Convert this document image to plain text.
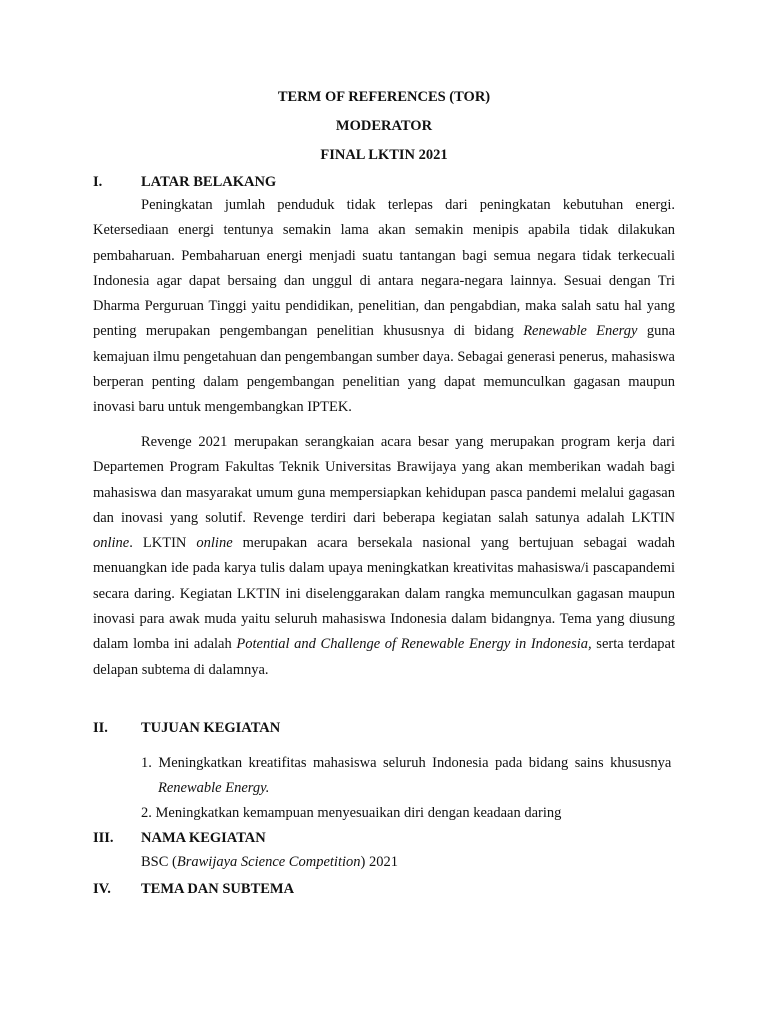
TERM OF REFERENCES (TOR)
MODERATOR
FINAL LKTIN 2021
I.	LATAR BELAKANG

Peningkatan jumlah penduduk tidak terlepas dari peningkatan kebutuhan energi. Ketersediaan energi tentunya semakin lama akan semakin menipis apabila tidak dilakukan pembaharuan. Pembaharuan energi menjadi suatu tantangan bagi semua negara tidak terkecuali Indonesia agar dapat bersaing dan unggul di antara negara-negara lainnya. Sesuai dengan Tri Dharma Perguruan Tinggi yaitu pendidikan, penelitian, dan pengabdian, maka salah satu hal yang penting merupakan pengembangan penelitian khususnya di bidang Renewable Energy guna kemajuan ilmu pengetahuan dan pengembangan sumber daya. Sebagai generasi penerus, mahasiswa berperan penting dalam pengembangan penelitian yang dapat memunculkan gagasan maupun inovasi baru untuk mengembangkan IPTEK.

Revenge 2021 merupakan serangkaian acara besar yang merupakan program kerja dari Departemen Program Fakultas Teknik Universitas Brawijaya yang akan memberikan wadah bagi mahasiswa dan masyarakat umum guna mempersiapkan kehidupan pasca pandemi melalui gagasan dan inovasi yang solutif. Revenge terdiri dari beberapa kegiatan salah satunya adalah LKTIN online. LKTIN online merupakan acara bersekala nasional yang bertujuan sebagai wadah menuangkan ide pada karya tulis dalam upaya meningkatkan kreativitas mahasiswa/i pascapandemi secara daring. Kegiatan LKTIN ini diselenggarakan dalam rangka memunculkan gagasan maupun inovasi para awak muda yaitu seluruh mahasiswa Indonesia dalam bidangnya. Tema yang diusung dalam lomba ini adalah Potential and Challenge of Renewable Energy in Indonesia, serta terdapat delapan subtema di dalamnya.

II. TUJUAN KEGIATAN

1. Meningkatkan kreatifitas mahasiswa seluruh Indonesia pada bidang sains khususnya  Renewable Energy.

2. Meningkatkan kemampuan menyesuaikan diri dengan keadaan daring

III. NAMA KEGIATAN
BSC (Brawijaya Science Competition) 2021
IV. TEMA DAN SUBTEMA
